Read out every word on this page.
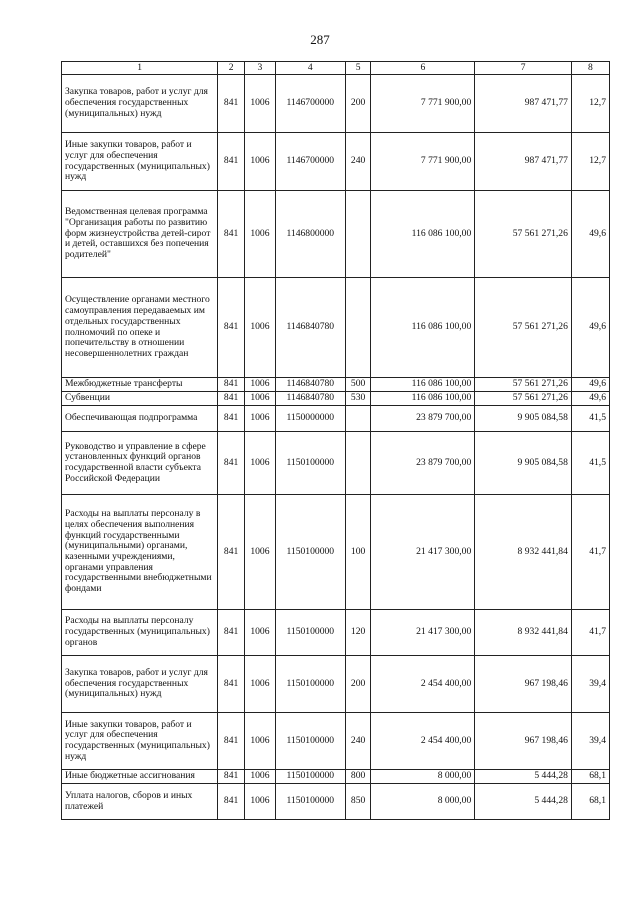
287
1	2	3	4	5	6	7	8
Закупка товаров, работ и услуг для обеспечения государственных (муниципальных) нужд	841	1006	1146700000	200	7 771 900,00	987 471,77	12,7
Иные закупки товаров, работ и услуг для обеспечения государственных (муниципальных) нужд	841	1006	1146700000	240	7 771 900,00	987 471,77	12,7
Ведомственная целевая программа "Организация работы по развитию форм жизнеустройства детей-сирот и детей, оставшихся без попечения родителей"	841	1006	1146800000		116 086 100,00	57 561 271,26	49,6
Осуществление органами местного самоуправления передаваемых им отдельных государственных полномочий по опеке и попечительству в отношении несовершеннолетних граждан	841	1006	1146840780		116 086 100,00	57 561 271,26	49,6
Межбюджетные трансферты	841	1006	1146840780	500	116 086 100,00	57 561 271,26	49,6
Субвенции	841	1006	1146840780	530	116 086 100,00	57 561 271,26	49,6
Обеспечивающая подпрограмма	841	1006	1150000000		23 879 700,00	9 905 084,58	41,5
Руководство и управление в сфере установленных функций органов государственной власти субъекта Российской Федерации	841	1006	1150100000		23 879 700,00	9 905 084,58	41,5
Расходы на выплаты персоналу в целях обеспечения выполнения функций государственными (муниципальными) органами, казенными учреждениями, органами управления государственными внебюджетными фондами	841	1006	1150100000	100	21 417 300,00	8 932 441,84	41,7
Расходы на выплаты персоналу государственных (муниципальных) органов	841	1006	1150100000	120	21 417 300,00	8 932 441,84	41,7
Закупка товаров, работ и услуг для обеспечения государственных (муниципальных) нужд	841	1006	1150100000	200	2 454 400,00	967 198,46	39,4
Иные закупки товаров, работ и услуг для обеспечения государственных (муниципальных) нужд	841	1006	1150100000	240	2 454 400,00	967 198,46	39,4
Иные бюджетные ассигнования	841	1006	1150100000	800	8 000,00	5 444,28	68,1
Уплата налогов, сборов и иных платежей	841	1006	1150100000	850	8 000,00	5 444,28	68,1
